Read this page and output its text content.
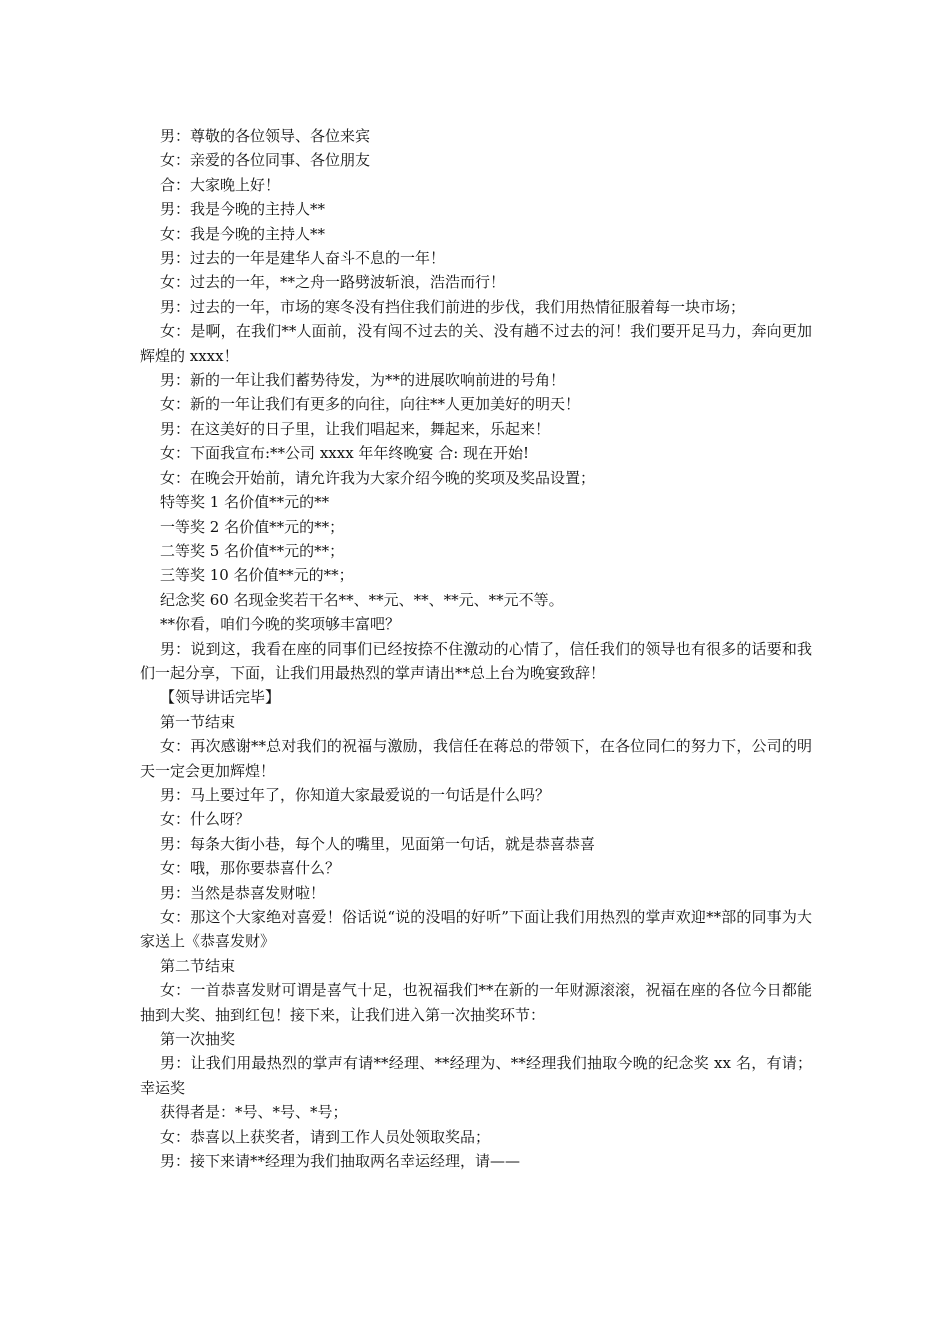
男：尊敬的各位领导、各位来宾

女：亲爱的各位同事、各位朋友

合：大家晚上好！

男：我是今晚的主持人**

女：我是今晚的主持人**

男：过去的一年是建华人奋斗不息的一年！

女：过去的一年，**之舟一路劈波斩浪，浩浩而行！

男：过去的一年，市场的寒冬没有挡住我们前进的步伐，我们用热情征服着每一块市场；

女：是啊，在我们**人面前，没有闯不过去的关、没有趟不过去的河！我们要开足马力，奔向更加辉煌的 xxxx！

男：新的一年让我们蓄势待发，为**的进展吹响前进的号角！

女：新的一年让我们有更多的向往，向往**人更加美好的明天！

男：在这美好的日子里，让我们唱起来，舞起来，乐起来！

女：下面我宣布:**公司 xxxx 年年终晚宴 合: 现在开始!

女：在晚会开始前，请允许我为大家介绍今晚的奖项及奖品设置；

特等奖 1 名价值**元的**

一等奖 2 名价值**元的**；

二等奖 5 名价值**元的**；

三等奖 10 名价值**元的**；

纪念奖 60 名现金奖若干名**、**元、**、**元、**元不等。

**你看，咱们今晚的奖项够丰富吧？

男：说到这，我看在座的同事们已经按捺不住激动的心情了，信任我们的领导也有很多的话要和我们一起分享，下面，让我们用最热烈的掌声请出**总上台为晚宴致辞！

【领导讲话完毕】

第一节结束

女：再次感谢**总对我们的祝福与激励，我信任在蒋总的带领下，在各位同仁的努力下，公司的明天一定会更加辉煌！

男：马上要过年了，你知道大家最爱说的一句话是什么吗？

女：什么呀？

男：每条大街小巷，每个人的嘴里，见面第一句话，就是恭喜恭喜

女：哦，那你要恭喜什么？

男：当然是恭喜发财啦！

女：那这个大家绝对喜爱！俗话说“说的没唱的好听”下面让我们用热烈的掌声欢迎**部的同事为大家送上《恭喜发财》

第二节结束

女：一首恭喜发财可谓是喜气十足，也祝福我们**在新的一年财源滚滚，祝福在座的各位今日都能抽到大奖、抽到红包！接下来，让我们进入第一次抽奖环节：

第一次抽奖

男：让我们用最热烈的掌声有请**经理、**经理为、**经理我们抽取今晚的纪念奖 xx 名，有请；幸运奖

获得者是：*号、*号、*号；

女：恭喜以上获奖者，请到工作人员处领取奖品；

男：接下来请**经理为我们抽取两名幸运经理，请——
